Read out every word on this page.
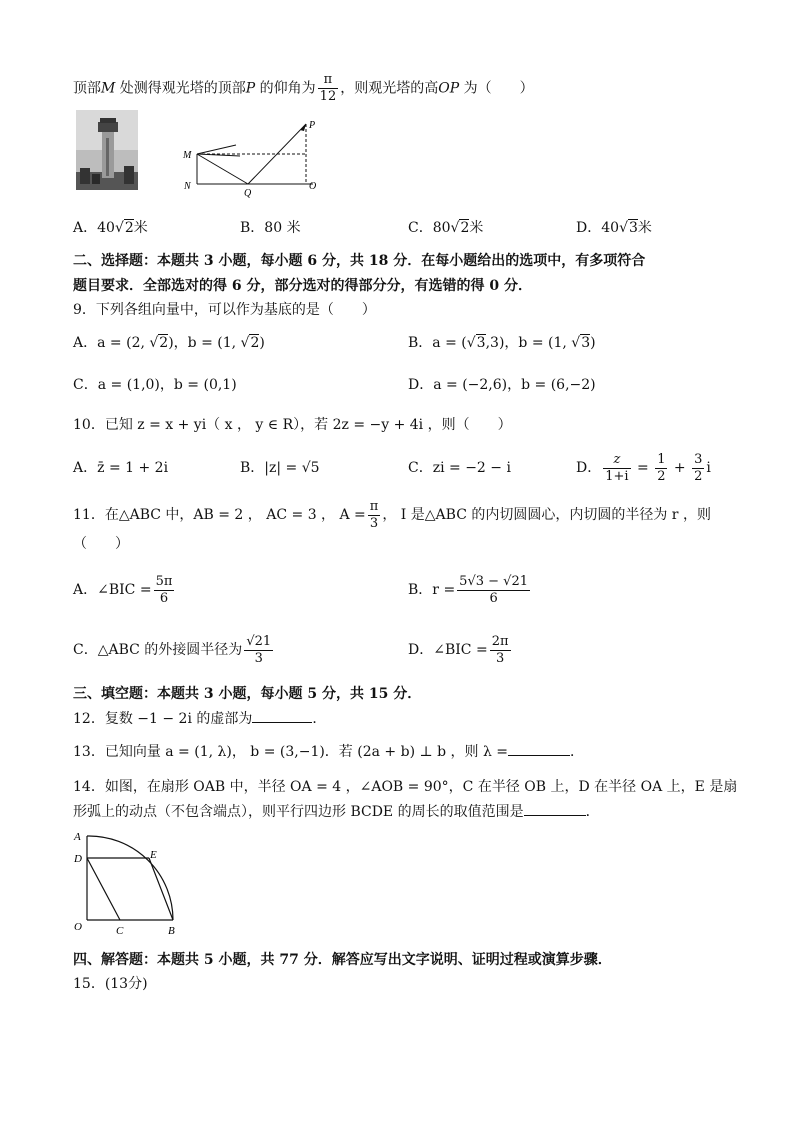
顶部M 处测得观光塔的顶部P 的仰角为 $\frac{\pi}{12}$ ，则观光塔的高OP 为（　　）
M
N
Q
P
O
A．40√2米	B．80 米	C．80√2米	D．40√3米
二、选择题：本题共 3 小题，每小题 6 分，共 18 分．在每小题给出的选项中，有多项符合
题目要求．全部选对的得 6 分，部分选对的得部分分，有选错的得 0 分．
9．下列各组向量中，可以作为基底的是（　　）
A．a = (2, √2)，b = (1, √2)	B．a = (√3,3)，b = (1, √3)
C．a = (1,0)，b = (0,1)	D．a = (−2,6)，b = (6,−2)
10．已知 z = x + yi（ x ， y ∈ R），若 2z = −y + 4i ，则（　　）
A．z̄ = 1 + 2i	B．|z| = √5	C．zi = −2 − i	D． $\frac{z}{1+i} = \frac{1}{2} + \frac{3}{2}$ i
11．在△ABC 中，AB = 2 ， AC = 3 ， $A = \frac{\pi}{3}$ ， I 是△ABC 的内切圆圆心，内切圆的半径为 r ，则
（　　）
A．∠BIC = $\frac{5\pi}{6}$	B．$r = \frac{5√3 - √21}{6}$
C．△ABC 的外接圆半径为 $\frac{√21}{3}$	D．∠BIC = $\frac{2\pi}{3}$
三、填空题：本题共 3 小题，每小题 5 分，共 15 分．
12．复数 −1 − 2i 的虚部为	．
13．已知向量 a = (1, λ)， b = (3,−1)．若 (2a + b) ⊥ b ，则 λ =	．
14．如图，在扇形 OAB 中，半径 OA = 4 ，∠AOB = 90°，C 在半径 OB 上，D 在半径 OA 上，E 是扇
形弧上的动点（不包含端点），则平行四边形 BCDE 的周长的取值范围是	．
A
D	E
O	C	B
四、解答题：本题共 5 小题，共 77 分．解答应写出文字说明、证明过程或演算步骤．
15．(13分)
